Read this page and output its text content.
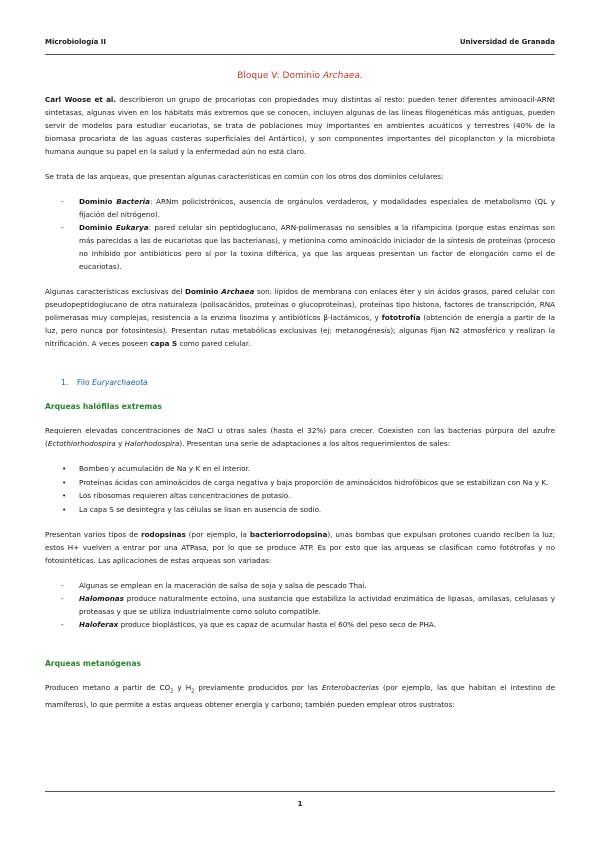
Microbiología II	Universidad de Granada
Bloque V: Dominio Archaea.

Carl Woose et al. describieron un grupo de procariotas con propiedades muy distintas al resto: pueden tener diferentes aminoacil-ARNt sintetasas, algunas viven en los hábitats más extremos que se conocen, incluyen algunas de las líneas filogenéticas más antiguas, pueden servir de modelos para estudiar eucariotas, se trata de poblaciones muy importantes en ambientes acuáticos y terrestres (40% de la biomasa procariota de las aguas costeras superficiales del Antártico), y son componentes importantes del picoplancton y la microbiota humana aunque su papel en la salud y la enfermedad aún no está claro.

Se trata de las arqueas, que presentan algunas características en común con los otros dos dominios celulares:

- Dominio Bacteria: ARNm policistrónicos, ausencia de orgánulos verdaderos, y modalidades especiales de metabolismo (QL y fijación del nitrógeno).
- Dominio Eukarya: pared celular sin peptidoglucano, ARN-polimerasas no sensibles a la rifampicina (porque estas enzimas son más parecidas a las de eucariotas que las bacterianas), y metionina como aminoácido iniciador de la síntesis de proteínas (proceso no inhibido por antibióticos pero sí por la toxina diftérica, ya que las arqueas presentan un factor de elongación como el de eucariotas).

Algunas características exclusivas del Dominio Archaea son: lípidos de membrana con enlaces éter y sin ácidos grasos, pared celular con pseudopeptidoglucano de otra naturaleza (polisacáridos, proteínas o glucoproteínas), proteínas tipo histona, factores de transcripción, RNA polimerasas muy complejas, resistencia a la enzima lisozima y antibióticos β-lactámicos, y fototrofía (obtención de energía a partir de la luz, pero nunca por fotosíntesis). Presentan rutas metabólicas exclusivas (ej: metanogénesis); algunas fijan N2 atmosférico y realizan la nitrificación. A veces poseen capa S como pared celular.

1. Filo Euryarchaeota
Arqueas halófilas extremas

Requieren elevadas concentraciones de NaCl u otras sales (hasta el 32%) para crecer. Coexisten con las bacterias púrpura del azufre (Ectothiorhodospira y Halorhodospira). Presentan una serie de adaptaciones a los altos requerimientos de sales:

• Bombeo y acumulación de Na y K en el interior.
• Proteínas ácidas con aminoácidos de carga negativa y baja proporción de aminoácidos hidrofóbicos que se estabilizan con Na y K.
• Los ribosomas requieren altas concentraciones de potasio.
• La capa S se desintegra y las células se lisan en ausencia de sodio.

Presentan varios tipos de rodopsinas (por ejemplo, la bacteriorrodopsina), unas bombas que expulsan protones cuando reciben la luz; estos H+ vuelven a entrar por una ATPasa, por lo que se produce ATP. Es por esto que las arqueas se clasifican como fotótrofas y no fotosintéticas. Las aplicaciones de estas arqueas son variadas:

- Algunas se emplean en la maceración de salsa de soja y salsa de pescado Thai.
- Halomonas produce naturalmente ectoína, una sustancia que estabiliza la actividad enzimática de lipasas, amilasas, celulasas y proteasas y que se utiliza industrialmente como soluto compatible.
- Haloferax produce bioplásticos, ya que es capaz de acumular hasta el 60% del peso seco de PHA.
Arqueas metanógenas

Producen metano a partir de $CO_2$ y $H_2$ previamente producidos por las Enterobacterias (por ejemplo, las que habitan el intestino de mamíferos), lo que permite a estas arqueas obtener energía y carbono; también pueden emplear otros sustratos:

1
